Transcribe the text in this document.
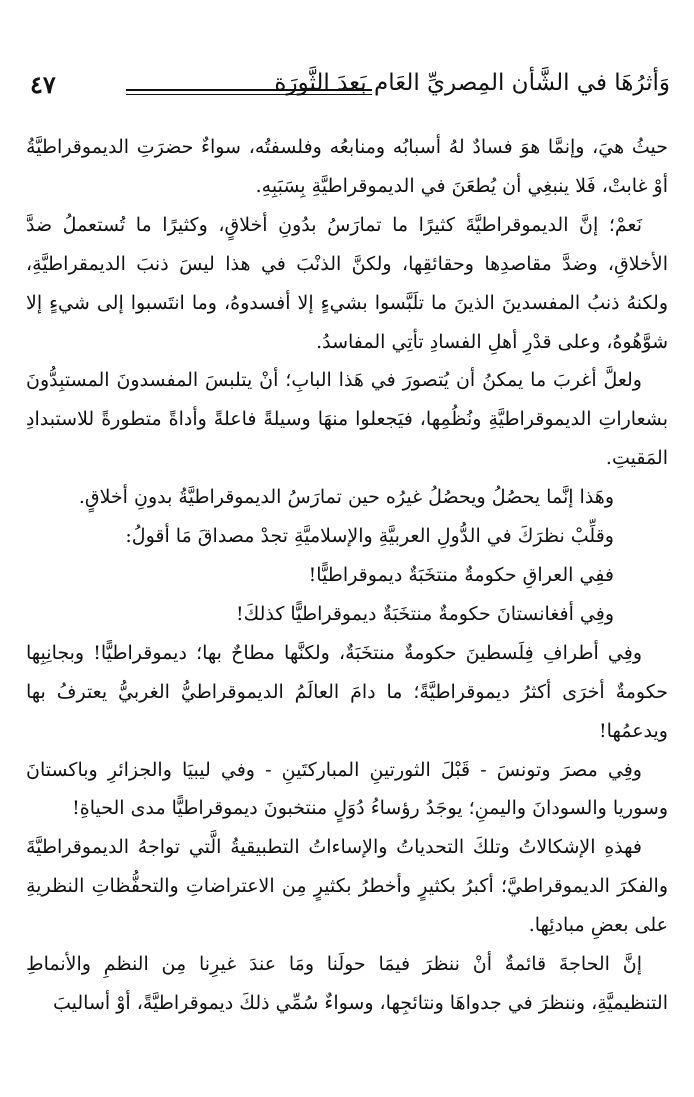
وَأثرُهَا في الشَّأن المِصريِّ العَام بَعدَ الثَّورَة
٤٧
حيثُ هيَ، وإنمَّا هوَ فسادٌ لهُ أسبابُه ومنابعُه وفلسفتُه، سواءٌ حضرَتِ الديموقراطيَّةُ أوْ غابتْ، فَلا ينبغِي أن يُطعَنَ في الديموقراطيَّةِ بِسَبَبِهِ.
نَعمْ؛ إنَّ الديموقراطيَّةَ كثيرًا ما تمارَسُ بدُونِ أخلاقٍ، وكثيرًا ما تُستعملُ ضدَّ الأخلاقِ، وضدَّ مقاصدِها وحقائقِها، ولكنَّ الذنْبَ في هذا ليسَ ذنبَ الديمقراطيَّةِ، ولكنهُ ذنبُ المفسدينَ الذينَ ما تلَبَّسوا بشيءٍ إلا أفسدوهُ، وما انتَسبوا إلى شيءٍ إلا شوَّهُوهُ، وعلى قدْرِ أهلِ الفسادِ تأتِي المفاسدُ.
ولعلَّ أغربَ ما يمكنُ أن يُتصورَ في هَذا البابِ؛ أنْ يتلبسَ المفسدونَ المستبِدُّونَ بشعاراتِ الديموقراطيَّةِ ونُظُمِها، فيَجعلوا منهَا وسيلةً فاعلةً وأداةً متطورةً للاستبدادِ المَقيتِ.
وهَذا إنَّما يحصُلُ ويحصُلُ غيرُه حين تمارَسُ الديموقراطيَّةُ بدونِ أخلاقٍ.
وقلِّبْ نظرَكَ في الدُّولِ العربيَّةِ والإسلاميَّةِ تجدْ مصداقَ مَا أقولُ:
ففِي العراقِ حكومةٌ منتخَبَةٌ ديموقراطيًّا!
وفِي أفغانستانَ حكومةٌ منتخَبَةٌ ديموقراطيًّا كذلكَ!
وفِي أطرافِ فِلَسطينَ حكومةٌ منتخَبَةٌ، ولكنَّها مطاحٌ بها؛ ديموقراطيًّا! وبجانِبِها حكومةٌ أخرَى أكثرُ ديموقراطيَّةً؛ ما دامَ العالَمُ الديموقراطيُّ الغربيُّ يعترفُ بها ويدعمُها!
وفِي مصرَ وتونسَ - قَبْلَ الثورتينِ المباركتَينِ - وفي ليبيَا والجزائرِ وباكستانَ وسوريا والسودانَ واليمنِ؛ يوجَدُ رؤساءُ دُوَلٍ منتخبونَ ديموقراطيًّا مدى الحياةِ!
فهذهِ الإشكالاتُ وتلكَ التحدياتُ والإساءاتُ التطبيقيةُ الَّتي تواجهُ الديموقراطيَّةَ والفكرَ الديموقراطيَّ؛ أكبرُ بكثيرٍ وأخطرُ بكثيرٍ مِن الاعتراضاتِ والتحفُّظاتِ النظريةِ على بعضِ مبادئِها.
إنَّ الحاجةَ قائمةٌ أنْ ننظرَ فيمَا حولَنا ومَا عندَ غيرِنا مِن النظمِ والأنماطِ التنظيميَّةِ، وننظرَ في جدواهَا ونتائجِها، وسواءٌ سُمِّي ذلكَ ديموقراطيَّةً، أوْ أساليبَ
